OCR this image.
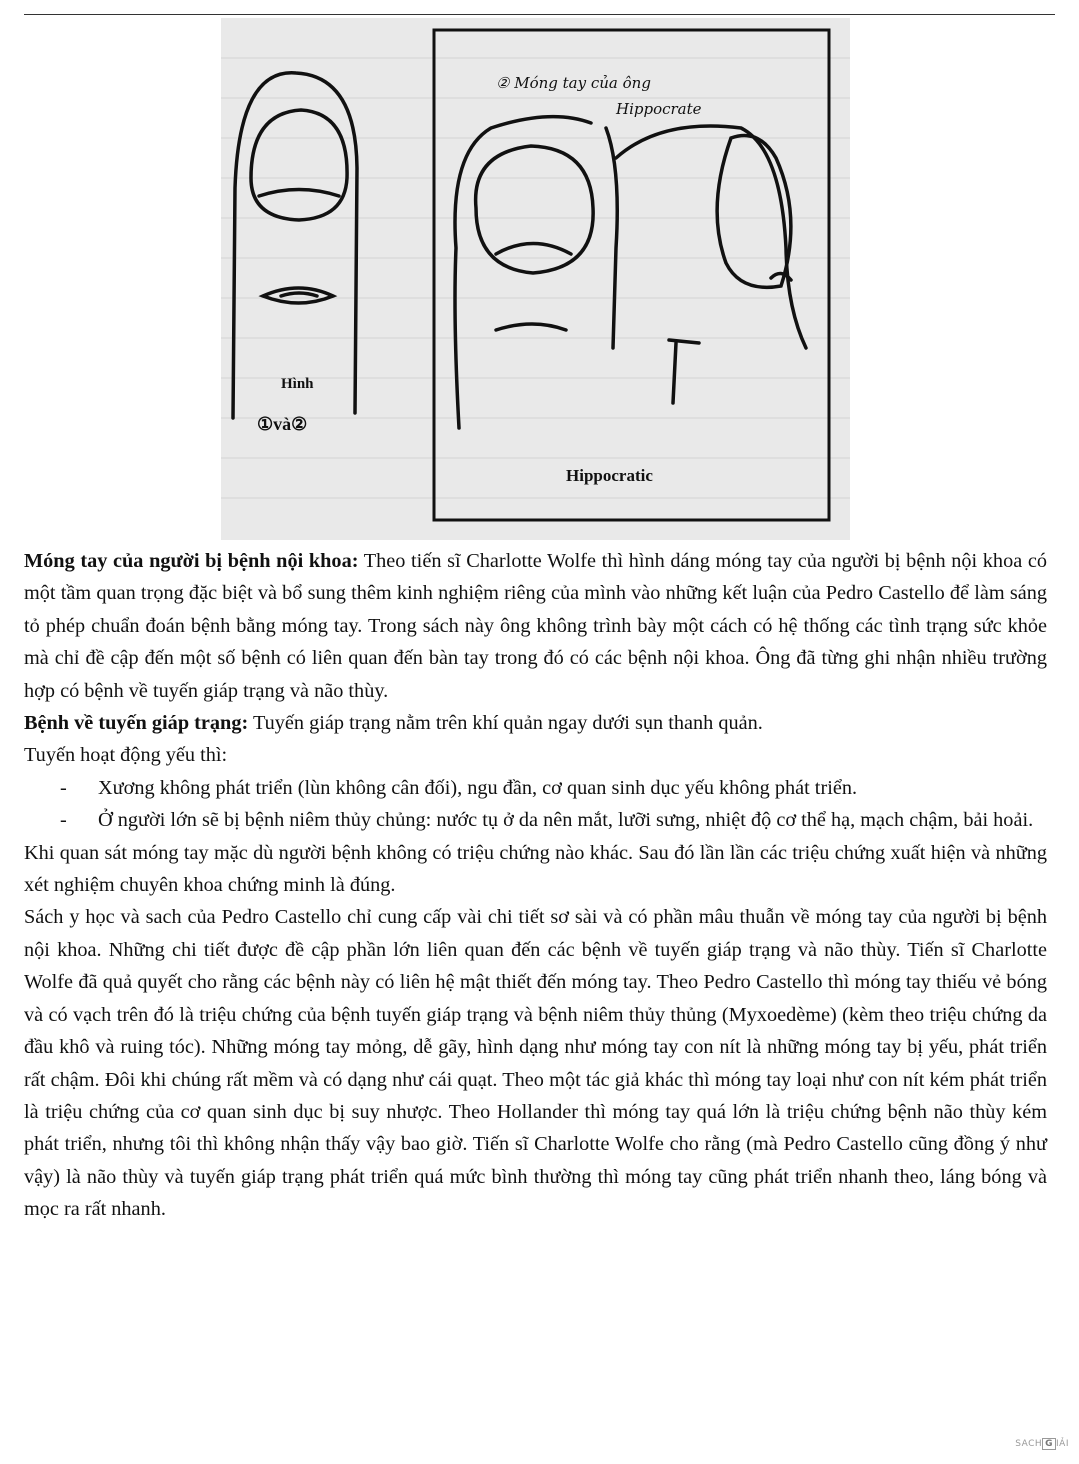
Hình
①và②
② Móng tay của ông
Hippocrate
Hippocratic

Móng tay của người bị bệnh nội khoa: Theo tiến sĩ Charlotte Wolfe thì hình dáng móng tay của người bị bệnh nội khoa có một tầm quan trọng đặc biệt và bổ sung thêm kinh nghiệm riêng của mình vào những kết luận của Pedro Castello để làm sáng tỏ phép chuẩn đoán bệnh bằng móng tay. Trong sách này ông không trình bày một cách có hệ thống các tình trạng sức khỏe mà chỉ đề cập đến một số bệnh có liên quan đến bàn tay trong đó có các bệnh nội khoa. Ông đã từng ghi nhận nhiều trường hợp có bệnh về tuyến giáp trạng và não thùy.

Bệnh về tuyến giáp trạng: Tuyến giáp trạng nằm trên khí quản ngay dưới sụn thanh quản.

Tuyến hoạt động yếu thì:

- Xương không phát triển (lùn không cân đối), ngu đần, cơ quan sinh dục yếu không phát triển.
- Ở người lớn sẽ bị bệnh niêm thủy chủng: nước tụ ở da nên mắt, lưỡi sưng, nhiệt độ cơ thể hạ, mạch chậm, bải hoải.

Khi quan sát móng tay mặc dù người bệnh không có triệu chứng nào khác. Sau đó lần lần các triệu chứng xuất hiện và những xét nghiệm chuyên khoa chứng minh là đúng.

Sách y học và sach của Pedro Castello chỉ cung cấp vài chi tiết sơ sài và có phần mâu thuẫn về móng tay của người bị bệnh nội khoa. Những chi tiết được đề cập phần lớn liên quan đến các bệnh về tuyến giáp trạng và não thùy. Tiến sĩ Charlotte Wolfe đã quả quyết cho rằng các bệnh này có liên hệ mật thiết đến móng tay. Theo Pedro Castello thì móng tay thiếu vẻ bóng và có vạch trên đó là triệu chứng của bệnh tuyến giáp trạng và bệnh niêm thủy thủng (Myxoedème) (kèm theo triệu chứng da đầu khô và ruing tóc). Những móng tay mỏng, dễ gãy, hình dạng như móng tay con nít là những móng tay bị yếu, phát triển rất chậm. Đôi khi chúng rất mềm và có dạng như cái quạt. Theo một tác giả khác thì móng tay loại như con nít kém phát triển là triệu chứng của cơ quan sinh dục bị suy nhược. Theo Hollander thì móng tay quá lớn là triệu chứng bệnh não thùy kém phát triển, nhưng tôi thì không nhận thấy vậy bao giờ. Tiến sĩ Charlotte Wolfe cho rằng (mà Pedro Castello cũng đồng ý như vậy) là não thùy và tuyến giáp trạng phát triển quá mức bình thường thì móng tay cũng phát triển nhanh theo, láng bóng và mọc ra rất nhanh.

SACH G IẢI
